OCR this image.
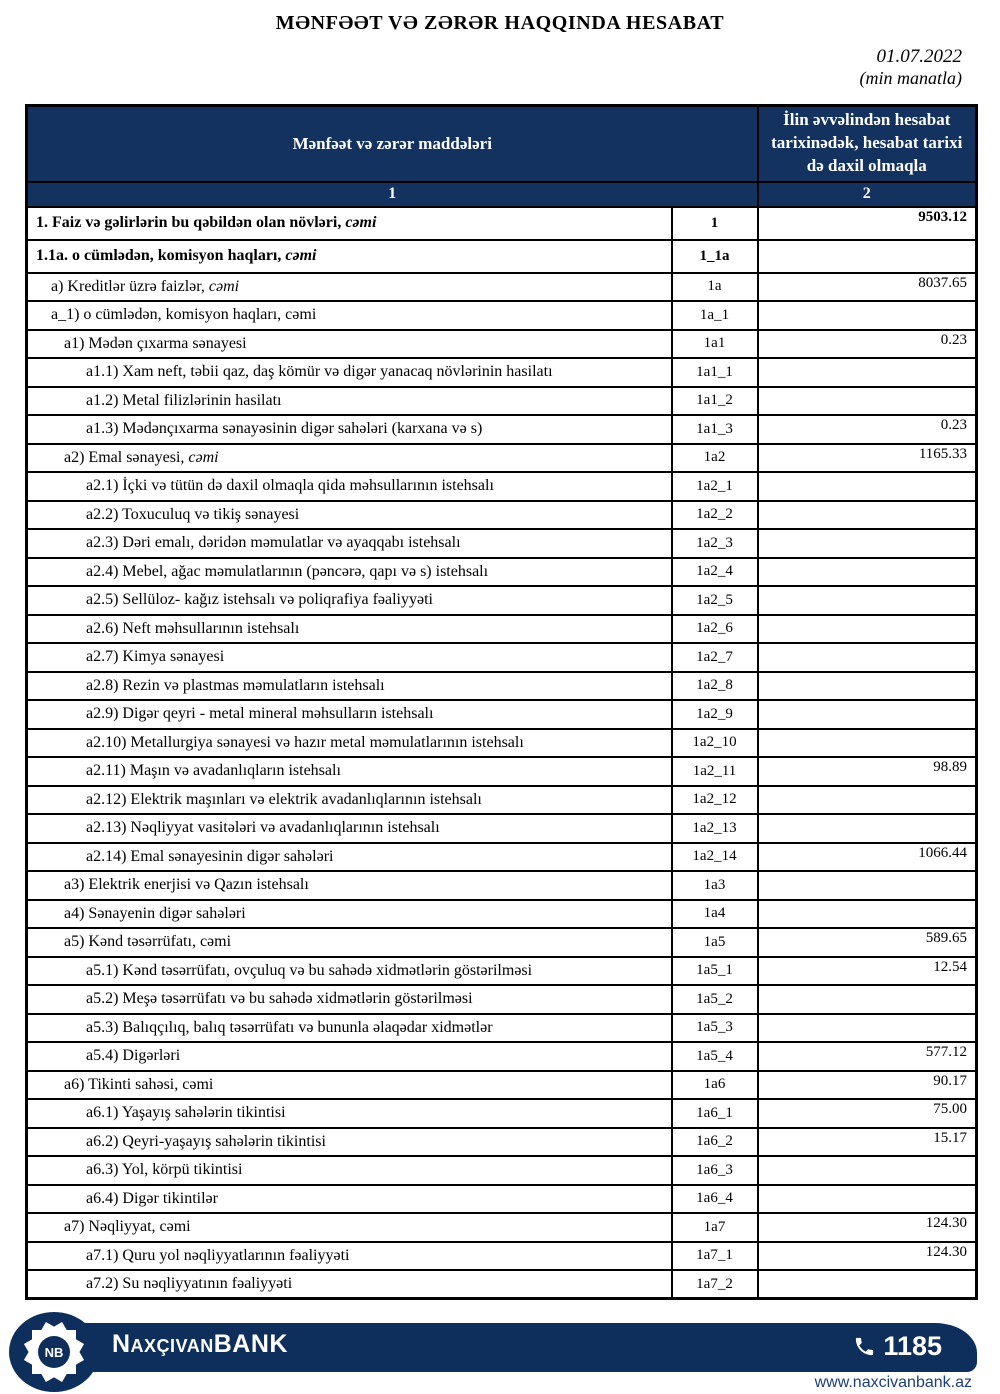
MƏNFƏƏT VƏ ZƏRƏR HAQQINDA HESABAT
01.07.2022
(min manatla)
Mənfəət və zərər maddələri		İlin əvvəlindən hesabat tarixinədək, hesabat tarixi də daxil olmaqla
1		2
1. Faiz və gəlirlərin bu qəbildən olan növləri, cəmi	1	9503.12
1.1a. o cümlədən, komisyon haqları, cəmi	1_1a	
a) Kreditlər üzrə faizlər, cəmi	1a	8037.65
a_1) o cümlədən, komisyon haqları, cəmi	1a_1	
a1) Mədən çıxarma sənayesi	1a1	0.23
a1.1) Xam neft, təbii qaz, daş kömür və digər yanacaq növlərinin hasilatı	1a1_1	
a1.2) Metal filizlərinin hasilatı	1a1_2	
a1.3) Mədənçıxarma sənayəsinin digər sahələri (karxana və s)	1a1_3	0.23
a2) Emal sənayesi, cəmi	1a2	1165.33
a2.1) İçki və tütün də daxil olmaqla qida məhsullarının istehsalı	1a2_1	
a2.2) Toxuculuq və tikiş sənayesi	1a2_2	
a2.3) Dəri emalı, dəridən məmulatlar və ayaqqabı istehsalı	1a2_3	
a2.4) Mebel, ağac məmulatlarının (pəncərə, qapı və s) istehsalı	1a2_4	
a2.5) Sellüloz- kağız istehsalı və poliqrafiya fəaliyyəti	1a2_5	
a2.6) Neft məhsullarının istehsalı	1a2_6	
a2.7) Kimya sənayesi	1a2_7	
a2.8) Rezin və plastmas məmulatların istehsalı	1a2_8	
a2.9) Digər qeyri - metal mineral məhsulların istehsalı	1a2_9	
a2.10) Metallurgiya sənayesi və hazır metal məmulatlarının istehsalı	1a2_10	
a2.11) Maşın və avadanlıqların istehsalı	1a2_11	98.89
a2.12) Elektrik maşınları və elektrik avadanlıqlarının istehsalı	1a2_12	
a2.13) Nəqliyyat vasitələri və avadanlıqlarının istehsalı	1a2_13	
a2.14) Emal sənayesinin digər sahələri	1a2_14	1066.44
a3) Elektrik enerjisi və Qazın istehsalı	1a3	
a4) Sənayenin digər sahələri	1a4	
a5) Kənd təsərrüfatı, cəmi	1a5	589.65
a5.1) Kənd təsərrüfatı, ovçuluq və bu sahədə xidmətlərin göstərilməsi	1a5_1	12.54
a5.2) Meşə təsərrüfatı və bu sahədə xidmətlərin göstərilməsi	1a5_2	
a5.3) Balıqçılıq, balıq təsərrüfatı və bununla əlaqədar xidmətlər	1a5_3	
a5.4) Digərləri	1a5_4	577.12
a6) Tikinti sahəsi, cəmi	1a6	90.17
a6.1) Yaşayış sahələrin tikintisi	1a6_1	75.00
a6.2) Qeyri-yaşayış sahələrin tikintisi	1a6_2	15.17
a6.3) Yol, körpü tikintisi	1a6_3	
a6.4) Digər tikintilər	1a6_4	
a7) Nəqliyyat, cəmi	1a7	124.30
a7.1) Quru yol nəqliyyatlarının fəaliyyəti	1a7_1	124.30
a7.2) Su nəqliyyatının fəaliyyəti	1a7_2	
NB NaxçıvanBANK	1185
www.naxcivanbank.az
